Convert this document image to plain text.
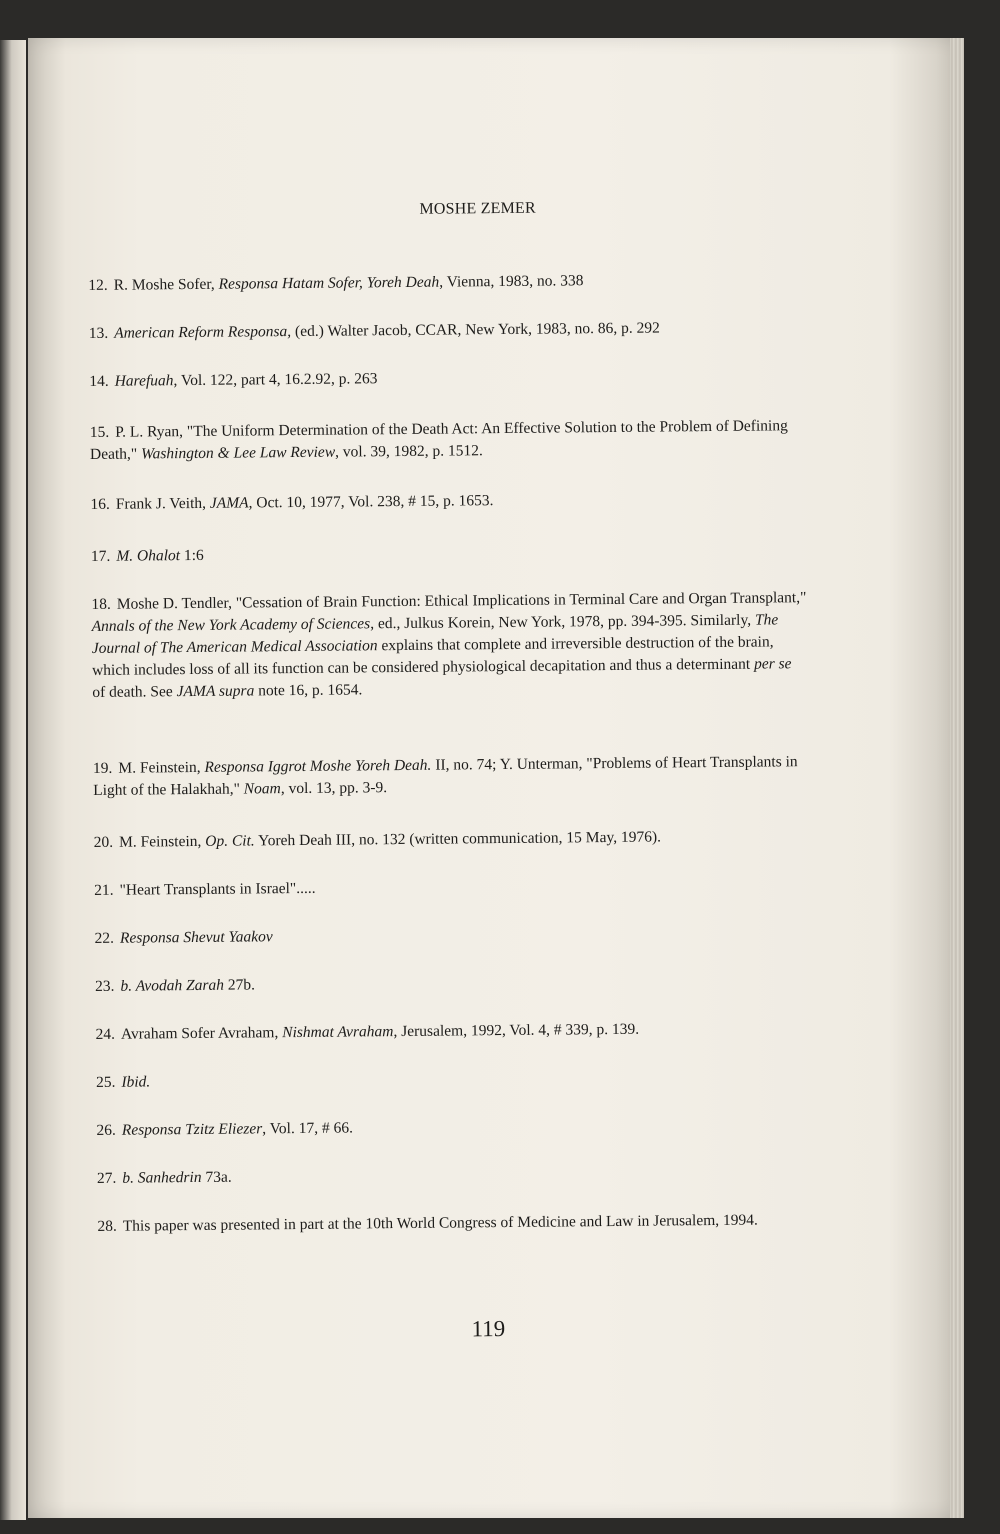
MOSHE ZEMER
12. R. Moshe Sofer, Responsa Hatam Sofer, Yoreh Deah, Vienna, 1983, no. 338
13. American Reform Responsa, (ed.) Walter Jacob, CCAR, New York, 1983, no. 86, p. 292
14. Harefuah, Vol. 122, part 4, 16.2.92, p. 263
15. P. L. Ryan, "The Uniform Determination of the Death Act: An Effective Solution to the Problem of Defining Death," Washington & Lee Law Review, vol. 39, 1982, p. 1512.
16. Frank J. Veith, JAMA, Oct. 10, 1977, Vol. 238, # 15, p. 1653.
17. M. Ohalot 1:6
18. Moshe D. Tendler, "Cessation of Brain Function: Ethical Implications in Terminal Care and Organ Transplant," Annals of the New York Academy of Sciences, ed., Julkus Korein, New York, 1978, pp. 394-395. Similarly, The Journal of The American Medical Association explains that complete and irreversible destruction of the brain, which includes loss of all its function can be considered physiological decapitation and thus a determinant per se of death. See JAMA supra note 16, p. 1654.
19. M. Feinstein, Responsa Iggrot Moshe Yoreh Deah. II, no. 74; Y. Unterman, "Problems of Heart Transplants in Light of the Halakhah," Noam, vol. 13, pp. 3-9.
20. M. Feinstein, Op. Cit. Yoreh Deah III, no. 132 (written communication, 15 May, 1976).
21. "Heart Transplants in Israel".....
22. Responsa Shevut Yaakov
23. b. Avodah Zarah 27b.
24. Avraham Sofer Avraham, Nishmat Avraham, Jerusalem, 1992, Vol. 4, # 339, p. 139.
25. Ibid.
26. Responsa Tzitz Eliezer, Vol. 17, # 66.
27. b. Sanhedrin 73a.
28. This paper was presented in part at the 10th World Congress of Medicine and Law in Jerusalem, 1994.
119
